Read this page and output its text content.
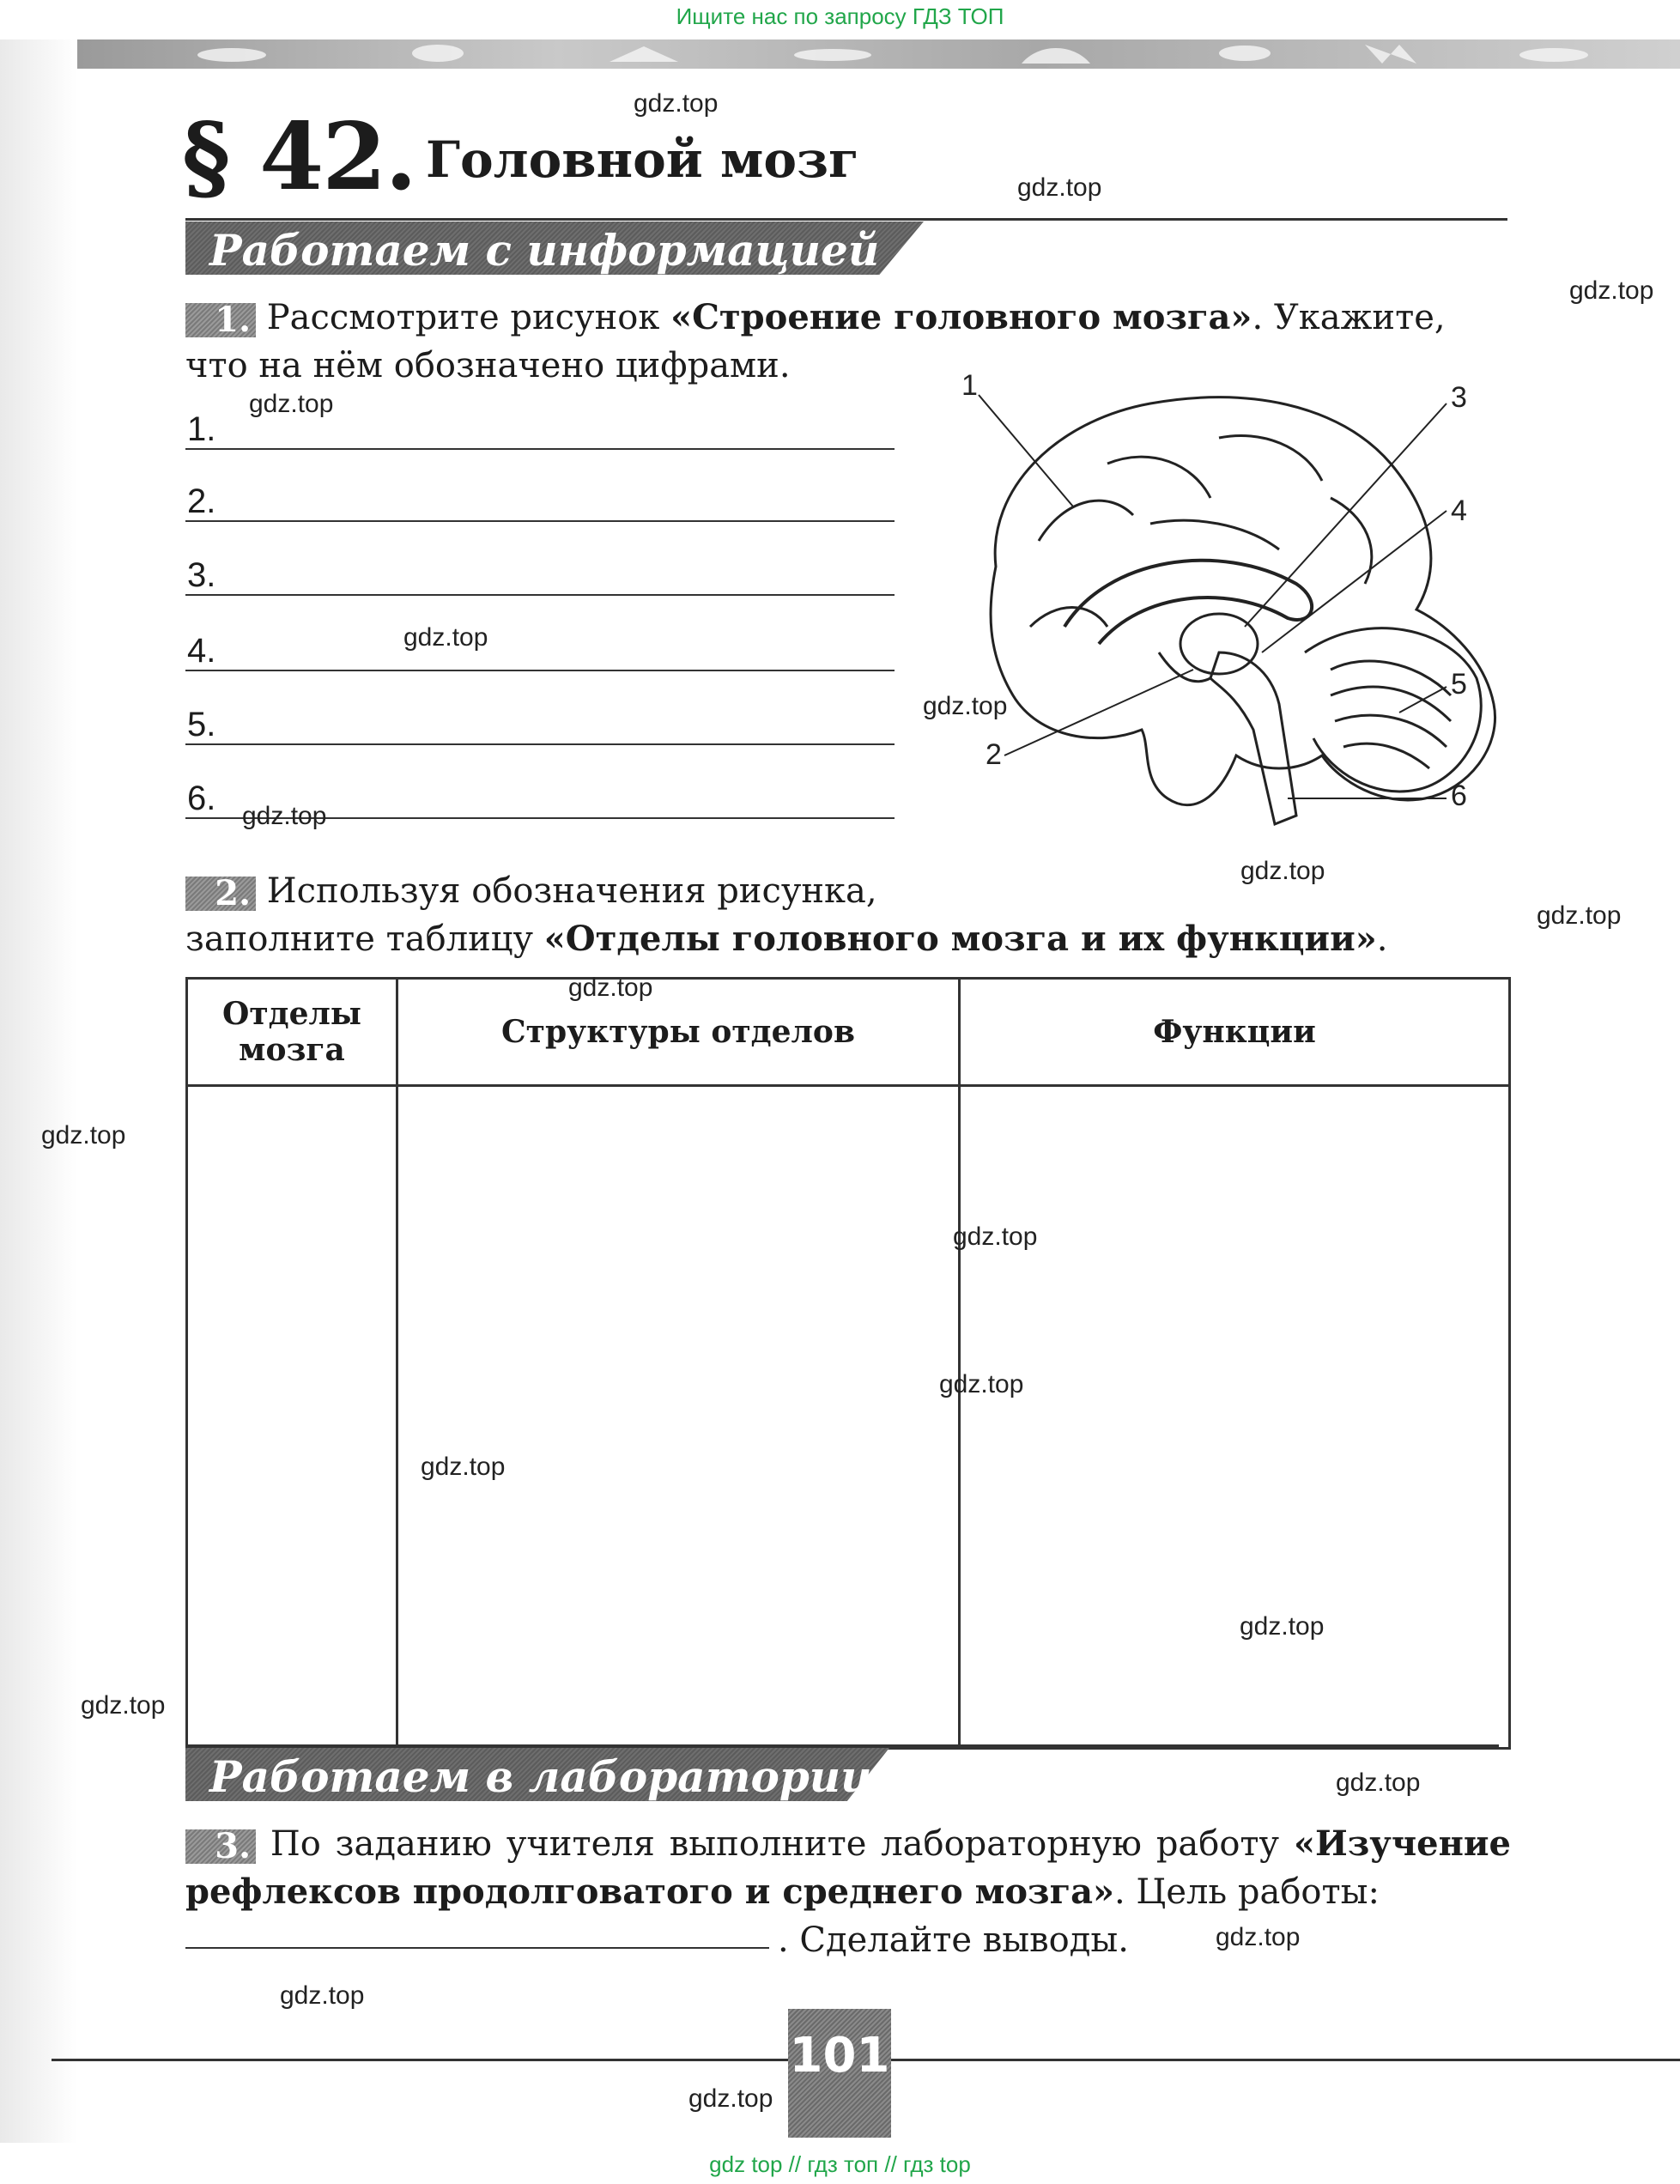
Ищите нас по запросу ГДЗ ТОП
§ 42. Головной мозг
Работаем с информацией
1. Рассмотрите рисунок «Строение головного мозга». Укажите, что на нём обозначено цифрами.
1.
2.
3.
4.
5.
6.
1
2
3
4
5
6
2. Используя обозначения рисунка,
заполните таблицу «Отделы головного мозга и их функции».
Отделы мозга	Структуры отделов	Функции

Работаем в лаборатории
3. По заданию учителя выполните лабораторную работу «Изучение рефлексов продолговатого и среднего мозга». Цель работы:
. Сделайте выводы.
101
gdz.top
gdz.top
gdz.top
gdz.top
gdz.top
gdz.top
gdz.top
gdz.top
gdz.top
gdz.top
gdz.top
gdz.top
gdz.top
gdz.top
gdz.top
gdz.top
gdz.top
gdz.top
gdz.top
gdz.top
gdz top // гдз топ // гдз top
